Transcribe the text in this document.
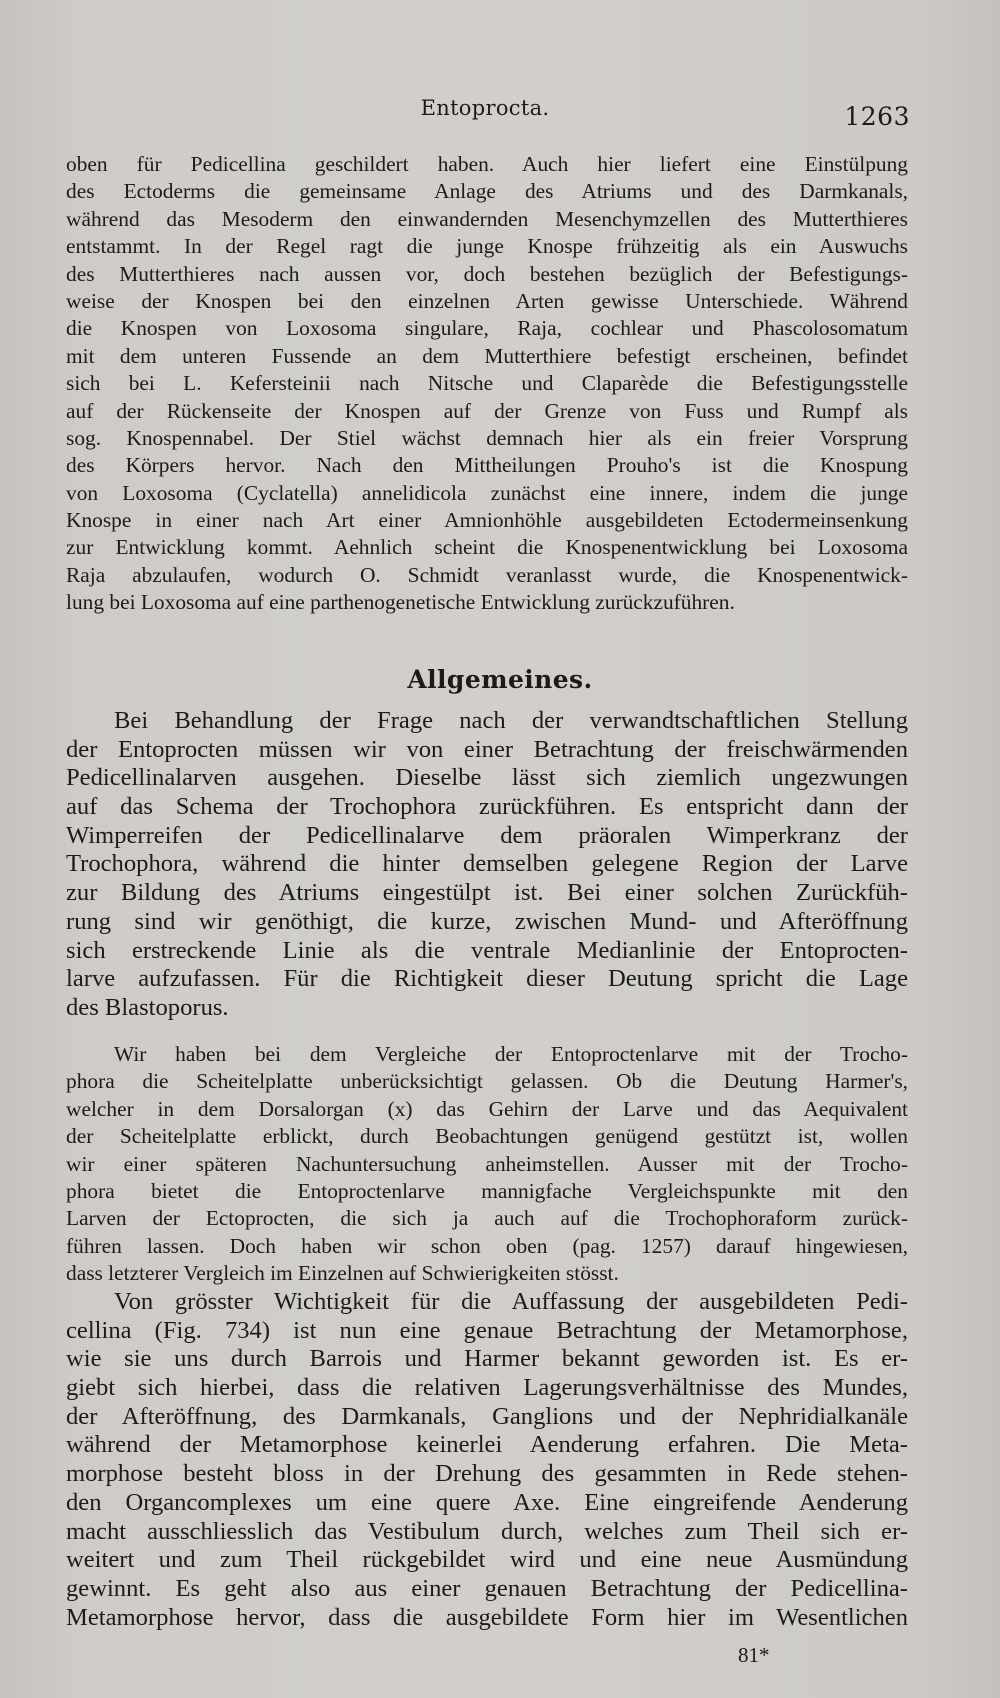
Entoprocta.	1263
oben für Pedicellina geschildert haben. Auch hier liefert eine Einstülpung
des Ectoderms die gemeinsame Anlage des Atriums und des Darmkanals,
während das Mesoderm den einwandernden Mesenchymzellen des Mutterthieres
entstammt. In der Regel ragt die junge Knospe frühzeitig als ein Auswuchs
des Mutterthieres nach aussen vor, doch bestehen bezüglich der Befestigungs-
weise der Knospen bei den einzelnen Arten gewisse Unterschiede. Während
die Knospen von Loxosoma singulare, Raja, cochlear und Phascolosomatum
mit dem unteren Fussende an dem Mutterthiere befestigt erscheinen, befindet
sich bei L. Kefersteinii nach Nitsche und Claparède die Befestigungsstelle
auf der Rückenseite der Knospen auf der Grenze von Fuss und Rumpf als
sog. Knospennabel. Der Stiel wächst demnach hier als ein freier Vorsprung
des Körpers hervor. Nach den Mittheilungen Prouho's ist die Knospung
von Loxosoma (Cyclatella) annelidicola zunächst eine innere, indem die junge
Knospe in einer nach Art einer Amnionhöhle ausgebildeten Ectodermeinsenkung
zur Entwicklung kommt. Aehnlich scheint die Knospenentwicklung bei Loxosoma
Raja abzulaufen, wodurch O. Schmidt veranlasst wurde, die Knospenentwick-
lung bei Loxosoma auf eine parthenogenetische Entwicklung zurückzuführen.
Allgemeines.
Bei Behandlung der Frage nach der verwandtschaftlichen Stellung
der Entoprocten müssen wir von einer Betrachtung der freischwärmenden
Pedicellinalarven ausgehen. Dieselbe lässt sich ziemlich ungezwungen
auf das Schema der Trochophora zurückführen. Es entspricht dann der
Wimperreifen der Pedicellinalarve dem präoralen Wimperkranz der
Trochophora, während die hinter demselben gelegene Region der Larve
zur Bildung des Atriums eingestülpt ist. Bei einer solchen Zurückfüh-
rung sind wir genöthigt, die kurze, zwischen Mund- und Afteröffnung
sich erstreckende Linie als die ventrale Medianlinie der Entoprocten-
larve aufzufassen. Für die Richtigkeit dieser Deutung spricht die Lage
des Blastoporus.
Wir haben bei dem Vergleiche der Entoproctenlarve mit der Trocho-
phora die Scheitelplatte unberücksichtigt gelassen. Ob die Deutung Harmer's,
welcher in dem Dorsalorgan (x) das Gehirn der Larve und das Aequivalent
der Scheitelplatte erblickt, durch Beobachtungen genügend gestützt ist, wollen
wir einer späteren Nachuntersuchung anheimstellen. Ausser mit der Trocho-
phora bietet die Entoproctenlarve mannigfache Vergleichspunkte mit den
Larven der Ectoprocten, die sich ja auch auf die Trochophoraform zurück-
führen lassen. Doch haben wir schon oben (pag. 1257) darauf hingewiesen,
dass letzterer Vergleich im Einzelnen auf Schwierigkeiten stösst.
Von grösster Wichtigkeit für die Auffassung der ausgebildeten Pedi-
cellina (Fig. 734) ist nun eine genaue Betrachtung der Metamorphose,
wie sie uns durch Barrois und Harmer bekannt geworden ist. Es er-
giebt sich hierbei, dass die relativen Lagerungsverhältnisse des Mundes,
der Afteröffnung, des Darmkanals, Ganglions und der Nephridialkanäle
während der Metamorphose keinerlei Aenderung erfahren. Die Meta-
morphose besteht bloss in der Drehung des gesammten in Rede stehen-
den Organcomplexes um eine quere Axe. Eine eingreifende Aenderung
macht ausschliesslich das Vestibulum durch, welches zum Theil sich er-
weitert und zum Theil rückgebildet wird und eine neue Ausmündung
gewinnt. Es geht also aus einer genauen Betrachtung der Pedicellina-
Metamorphose hervor, dass die ausgebildete Form hier im Wesentlichen
81*
